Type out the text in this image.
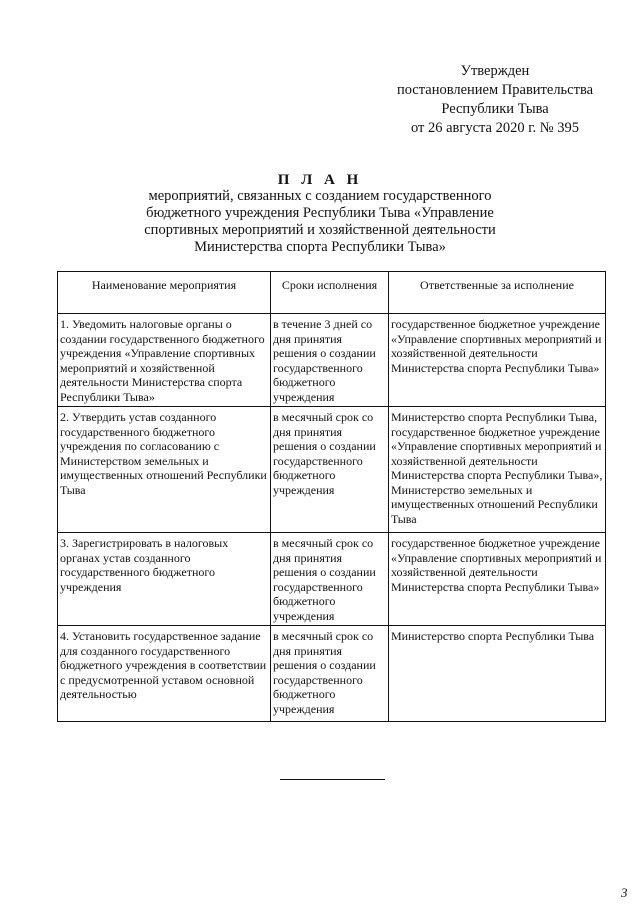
Утвержден
постановлением Правительства
Республики Тыва
от 26 августа 2020 г. № 395
П Л А Н
мероприятий, связанных с созданием государственного
бюджетного учреждения Республики Тыва «Управление
спортивных мероприятий и хозяйственной деятельности
Министерства спорта Республики Тыва»
Наименование мероприятия	Сроки исполнения	Ответственные за исполнение
1. Уведомить налоговые органы о создании государственного бюджетного учреждения «Управление спортивных мероприятий и хозяйственной деятельности Министерства спорта Республики Тыва»	в течение 3 дней со дня принятия решения о создании государственного бюджетного учреждения	государственное бюджетное учреждение «Управление спортивных мероприятий и хозяйственной деятельности Министерства спорта Республики Тыва»
2. Утвердить устав созданного государственного бюджетного учреждения по согласованию с Министерством земельных и имущественных отношений Республики Тыва	в месячный срок со дня принятия решения о создании государственного бюджетного учреждения	Министерство спорта Республики Тыва, государственное бюджетное учреждение «Управление спортивных мероприятий и хозяйственной деятельности Министерства спорта Республики Тыва», Министерство земельных и имущественных отношений Республики Тыва
3. Зарегистрировать в налоговых органах устав созданного государственного бюджетного учреждения	в месячный срок со дня принятия решения о создании государственного бюджетного учреждения	государственное бюджетное учреждение «Управление спортивных мероприятий и хозяйственной деятельности Министерства спорта Республики Тыва»
4. Установить государственное задание для созданного государственного бюджетного учреждения в соответствии с предусмотренной уставом основной деятельностью	в месячный срок со дня принятия решения о создании государственного бюджетного учреждения	Министерство спорта Республики Тыва
3
